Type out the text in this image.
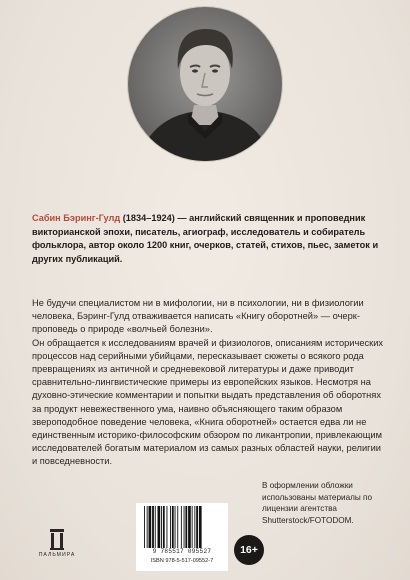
Сабин Бэринг-Гулд (1834–1924) — английский священник и проповедник викторианской эпохи, писатель, агиограф, исследователь и собиратель фольклора, автор около 1200 книг, очерков, статей, стихов, пьес, заметок и других публикаций.

Не будучи специалистом ни в мифологии, ни в психологии, ни в физиологии человека, Бэринг-Гулд отваживается написать «Книгу оборотней» — очерк-проповедь о природе «волчьей болезни».

Он обращается к исследованиям врачей и физиологов, описаниям исторических процессов над серийными убийцами, пересказывает сюжеты о всякого рода превращениях из античной и средневековой литературы и даже приводит сравнительно-лингвистические примеры из европейских языков. Несмотря на духовно-этические комментарии и попытки выдать представления об оборотнях за продукт невежественного ума, наивно объясняющего таким образом звероподобное поведение человека, «Книга оборотней» остается едва ли не единственным историко-философским обзором по ликантропии, привлекающим исследователей богатым материалом из самых разных областей науки, религии и повседневности.

ПАЛЬМИРА	9 785517 095527
ISBN 978-5-517-09552-7
16+
В оформлении обложки использованы материалы по лицензии агентства Shutterstock/FOTODOM.
